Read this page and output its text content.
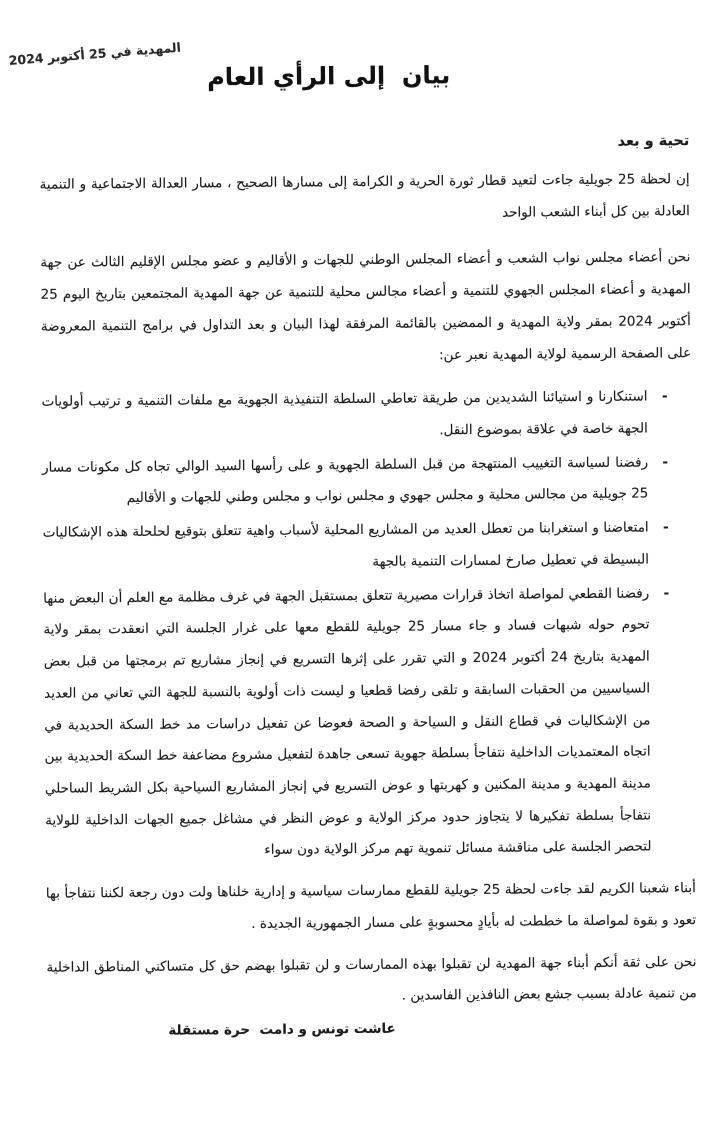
المهدية في 25 أكتوبر 2024
بيان  إلى الرأي العام
تحية و بعد

إن لحظة 25 جويلية جاءت لتعيد قطار ثورة الحرية و الكرامة إلى مسارها الصحيح ، مسار العدالة الاجتماعية و التنمية العادلة بين كل أبناء الشعب الواحد

نحن أعضاء مجلس نواب الشعب و أعضاء المجلس الوطني للجهات و الأقاليم و عضو مجلس الإقليم الثالث عن جهة المهدية و أعضاء المجلس الجهوي للتنمية و أعضاء مجالس محلية للتنمية عن جهة المهدية المجتمعين بتاريخ اليوم 25 أكتوبر 2024 بمقر ولاية المهدية و الممضين بالقائمة المرفقة لهذا البيان و بعد التداول في برامج التنمية المعروضة على الصفحة الرسمية لولاية المهدية نعبر عن:

-
استنكارنا و استيائنا الشديدين من طريقة تعاطي السلطة التنفيذية الجهوية مع ملفات التنمية و ترتيب أولويات الجهة خاصة في علاقة بموضوع النقل.
-
رفضنا لسياسة التغييب المنتهجة من قبل السلطة الجهوية و على رأسها السيد الوالي تجاه كل مكونات مسار 25 جويلية من مجالس محلية و مجلس جهوي و مجلس نواب و مجلس وطني للجهات و الأقاليم
-
امتعاضنا و استغرابنا من تعطل العديد من المشاريع المحلية لأسباب واهية تتعلق بتوقيع لحلحلة هذه الإشكاليات البسيطة في تعطيل صارخ لمسارات التنمية بالجهة
-
رفضنا القطعي لمواصلة اتخاذ قرارات مصيرية تتعلق بمستقبل الجهة في غرف مظلمة مع العلم أن البعض منها تحوم حوله شبهات فساد و جاء مسار 25 جويلية للقطع معها على غرار الجلسة التي انعقدت بمقر ولاية المهدية بتاريخ 24 أكتوبر 2024 و التي تقرر على إثرها التسريع في إنجاز مشاريع تم برمجتها من قبل بعض السياسيين من الحقبات السابقة و تلقى رفضا قطعيا و ليست ذات أولوية بالنسبة للجهة التي تعاني من العديد من الإشكاليات في قطاع النقل و السياحة و الصحة فعوضا عن تفعيل دراسات مد خط السكة الحديدية في اتجاه المعتمديات الداخلية نتفاجأ بسلطة جهوية تسعى جاهدة لتفعيل مشروع مضاعفة خط السكة الحديدية بين مدينة المهدية و مدينة المكنين و كهربتها و عوض التسريع في إنجاز المشاريع السياحية بكل الشريط الساحلي نتفاجأ بسلطة تفكيرها لا يتجاوز حدود مركز الولاية و عوض النظر في مشاغل جميع الجهات الداخلية للولاية لتحصر الجلسة على مناقشة مسائل تنموية تهم مركز الولاية دون سواء

أبناء شعبنا الكريم لقد جاءت لحظة 25 جويلية للقطع ممارسات سياسية و إدارية خلناها ولت دون رجعة لكننا نتفاجأ بها تعود و بقوة لمواصلة ما خططت له بأيادٍ محسوبةٍ على مسار الجمهورية الجديدة .

نحن على ثقة أنكم أبناء جهة المهدية لن تقبلوا بهذه الممارسات و لن تقبلوا بهضم حق كل متساكني المناطق الداخلية من تنمية عادلة بسبب جشع بعض النافذين الفاسدين .

عاشت تونس و دامت  حرة مستقلة
